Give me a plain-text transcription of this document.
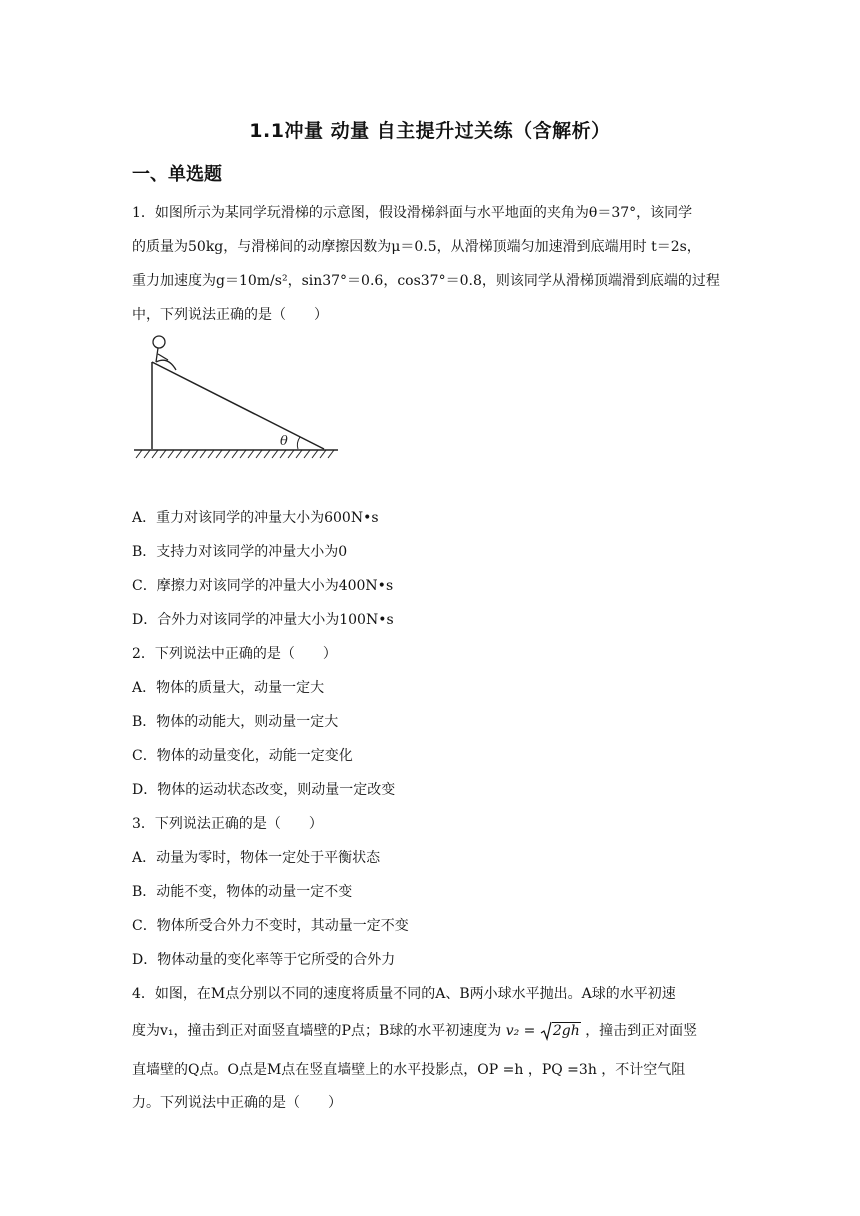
1.1冲量 动量 自主提升过关练（含解析）
一、单选题
1．如图所示为某同学玩滑梯的示意图，假设滑梯斜面与水平地面的夹角为θ＝37°，该同学
的质量为50kg，与滑梯间的动摩擦因数为μ＝0.5，从滑梯顶端匀加速滑到底端用时 t＝2s，
重力加速度为g＝10m/s²，sin37°＝0.6，cos37°＝0.8，则该同学从滑梯顶端滑到底端的过程
中，下列说法正确的是（　　）
θ
A．重力对该同学的冲量大小为600N•s
B．支持力对该同学的冲量大小为0
C．摩擦力对该同学的冲量大小为400N•s
D．合外力对该同学的冲量大小为100N•s
2．下列说法中正确的是（　　）
A．物体的质量大，动量一定大
B．物体的动能大，则动量一定大
C．物体的动量变化，动能一定变化
D．物体的运动状态改变，则动量一定改变
3．下列说法正确的是（　　）
A．动量为零时，物体一定处于平衡状态
B．动能不变，物体的动量一定不变
C．物体所受合外力不变时，其动量一定不变
D．物体动量的变化率等于它所受的合外力
4．如图，在M点分别以不同的速度将质量不同的A、B两小球水平抛出。A球的水平初速
度为v₁，撞击到正对面竖直墙壁的P点；B球的水平初速度为 v₂ = 2gh ，撞击到正对面竖
直墙壁的Q点。O点是M点在竖直墙壁上的水平投影点，OP =h ，PQ =3h ，不计空气阻
力。下列说法中正确的是（　　）
